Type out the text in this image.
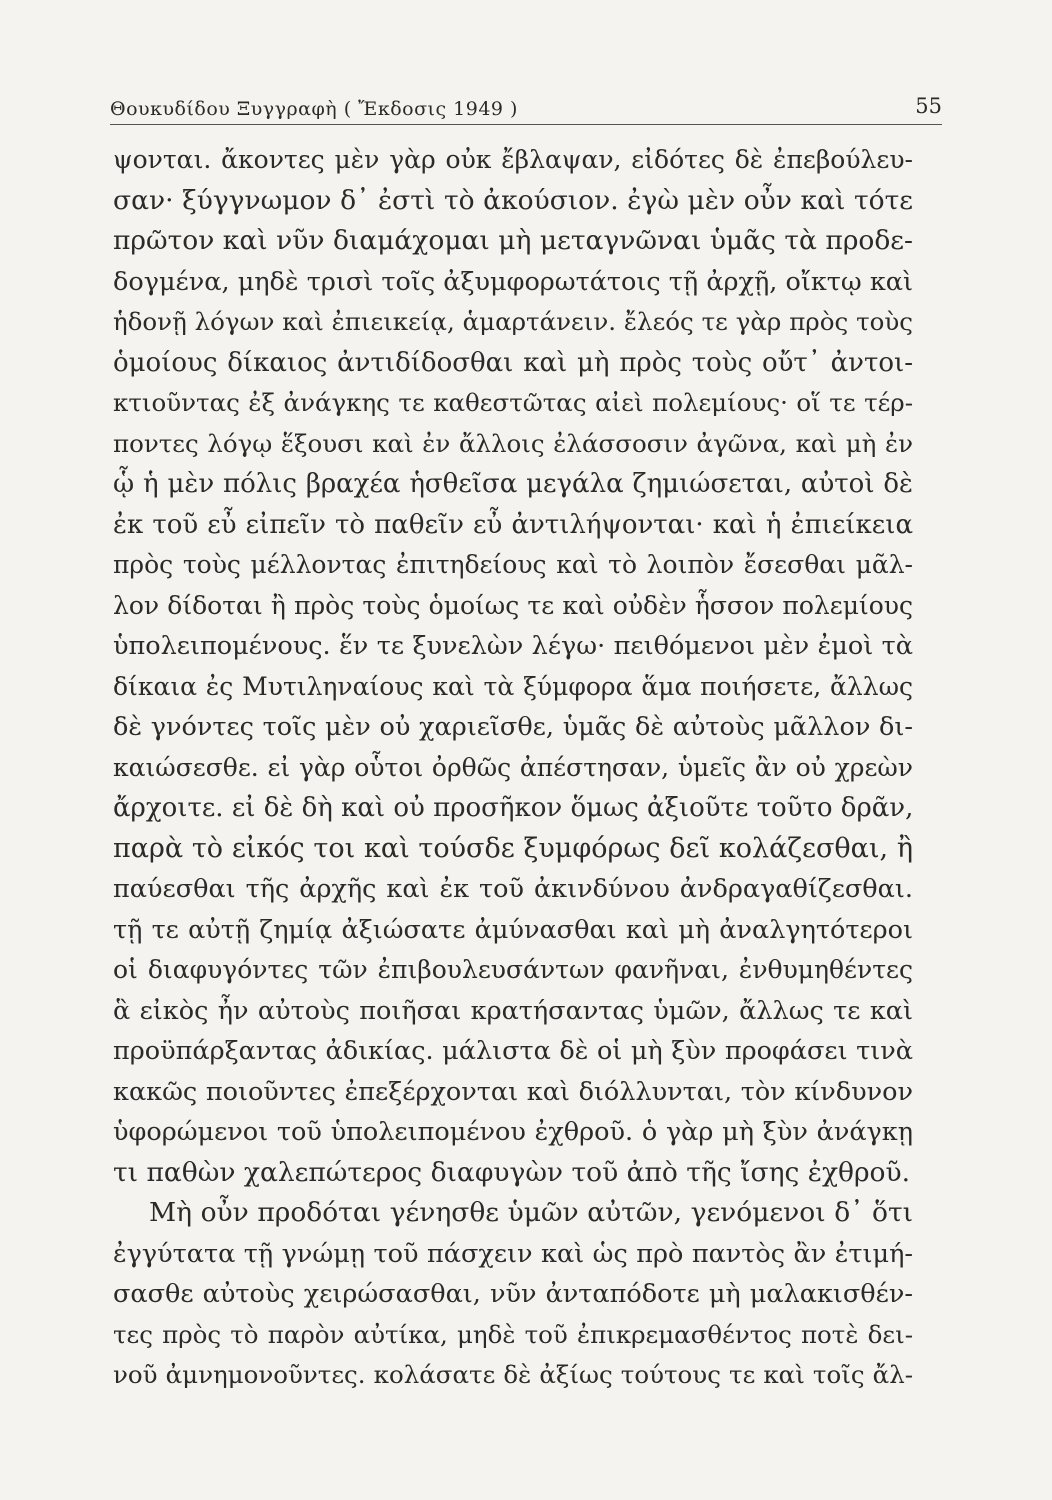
Θουκυδίδου Ξυγγραφὴ ( Ἔκδοσις 1949 )	55
ψονται. ἄκοντες μὲν γὰρ οὐκ ἔβλαψαν, εἰδότες δὲ ἐπεβούλευ-
σαν· ξύγγνωμον δ᾽ ἐστὶ τὸ ἀκούσιον. ἐγὼ μὲν οὖν καὶ τότε
πρῶτον καὶ νῦν διαμάχομαι μὴ μεταγνῶναι ὑμᾶς τὰ προδε-
δογμένα, μηδὲ τρισὶ τοῖς ἀξυμφορωτάτοις τῇ ἀρχῇ, οἴκτῳ καὶ
ἡδονῇ λόγων καὶ ἐπιεικείᾳ, ἁμαρτάνειν. ἔλεός τε γὰρ πρὸς τοὺς
ὁμοίους δίκαιος ἀντιδίδοσθαι καὶ μὴ πρὸς τοὺς οὔτ᾽ ἀντοι-
κτιοῦντας ἐξ ἀνάγκης τε καθεστῶτας αἰεὶ πολεμίους· οἵ τε τέρ-
ποντες λόγῳ ἕξουσι καὶ ἐν ἄλλοις ἐλάσσοσιν ἀγῶνα, καὶ μὴ ἐν
ᾧ ἡ μὲν πόλις βραχέα ἡσθεῖσα μεγάλα ζημιώσεται, αὐτοὶ δὲ
ἐκ τοῦ εὖ εἰπεῖν τὸ παθεῖν εὖ ἀντιλήψονται· καὶ ἡ ἐπιείκεια
πρὸς τοὺς μέλλοντας ἐπιτηδείους καὶ τὸ λοιπὸν ἔσεσθαι μᾶλ-
λον δίδοται ἢ πρὸς τοὺς ὁμοίως τε καὶ οὐδὲν ἧσσον πολεμίους
ὑπολειπομένους. ἕν τε ξυνελὼν λέγω· πειθόμενοι μὲν ἐμοὶ τὰ
δίκαια ἐς Μυτιληναίους καὶ τὰ ξύμφορα ἅμα ποιήσετε, ἄλλως
δὲ γνόντες τοῖς μὲν οὐ χαριεῖσθε, ὑμᾶς δὲ αὐτοὺς μᾶλλον δι-
καιώσεσθε. εἰ γὰρ οὗτοι ὀρθῶς ἀπέστησαν, ὑμεῖς ἂν οὐ χρεὼν
ἄρχοιτε. εἰ δὲ δὴ καὶ οὐ προσῆκον ὅμως ἀξιοῦτε τοῦτο δρᾶν,
παρὰ τὸ εἰκός τοι καὶ τούσδε ξυμφόρως δεῖ κολάζεσθαι, ἢ
παύεσθαι τῆς ἀρχῆς καὶ ἐκ τοῦ ἀκινδύνου ἀνδραγαθίζεσθαι.
τῇ τε αὐτῇ ζημίᾳ ἀξιώσατε ἀμύνασθαι καὶ μὴ ἀναλγητότεροι
οἱ διαφυγόντες τῶν ἐπιβουλευσάντων φανῆναι, ἐνθυμηθέντες
ἃ εἰκὸς ἦν αὐτοὺς ποιῆσαι κρατήσαντας ὑμῶν, ἄλλως τε καὶ
προϋπάρξαντας ἀδικίας. μάλιστα δὲ οἱ μὴ ξὺν προφάσει τινὰ
κακῶς ποιοῦντες ἐπεξέρχονται καὶ διόλλυνται, τὸν κίνδυνον
ὑφορώμενοι τοῦ ὑπολειπομένου ἐχθροῦ. ὁ γὰρ μὴ ξὺν ἀνάγκῃ
τι παθὼν χαλεπώτερος διαφυγὼν τοῦ ἀπὸ τῆς ἴσης ἐχθροῦ.
Μὴ οὖν προδόται γένησθε ὑμῶν αὐτῶν, γενόμενοι δ᾽ ὅτι
ἐγγύτατα τῇ γνώμῃ τοῦ πάσχειν καὶ ὡς πρὸ παντὸς ἂν ἐτιμή-
σασθε αὐτοὺς χειρώσασθαι, νῦν ἀνταπόδοτε μὴ μαλακισθέν-
τες πρὸς τὸ παρὸν αὐτίκα, μηδὲ τοῦ ἐπικρεμασθέντος ποτὲ δει-
νοῦ ἀμνημονοῦντες. κολάσατε δὲ ἀξίως τούτους τε καὶ τοῖς ἄλ-
